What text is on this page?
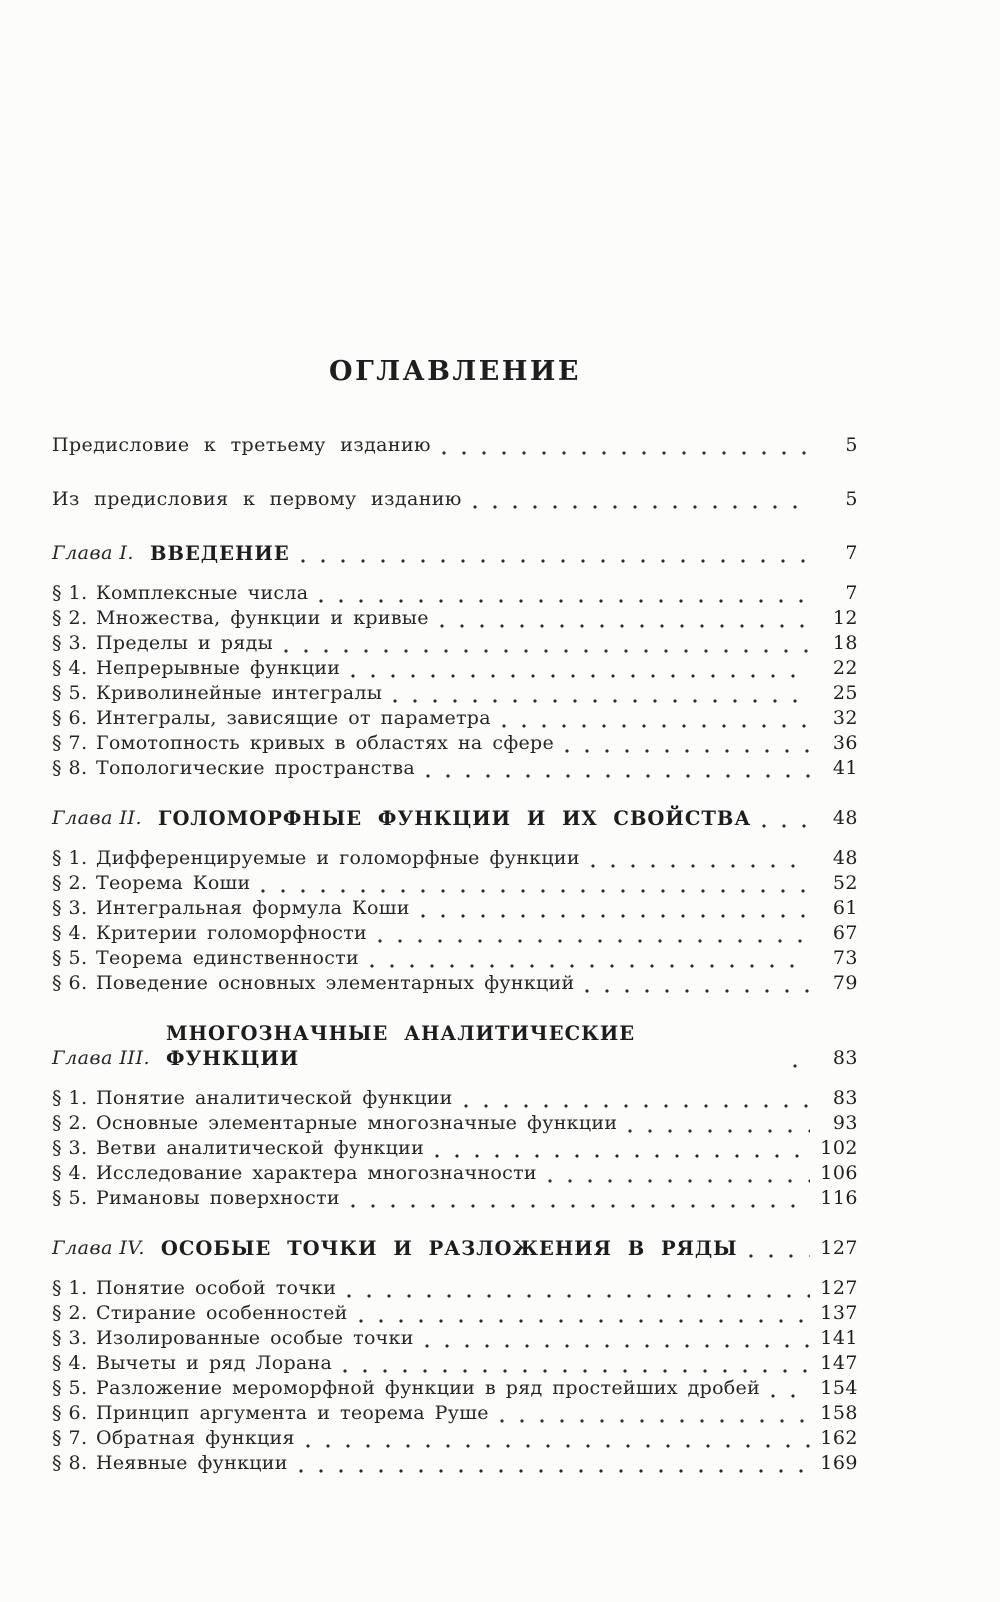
ОГЛАВЛЕНИЕ
Предисловие к третьему изданию	5
Из предисловия к первому изданию	5
Глава I. ВВЕДЕНИЕ	7
§ 1. Комплексные числа	7
§ 2. Множества, функции и кривые	12
§ 3. Пределы и ряды	18
§ 4. Непрерывные функции	22
§ 5. Криволинейные интегралы	25
§ 6. Интегралы, зависящие от параметра	32
§ 7. Гомотопность кривых в областях на сфере	36
§ 8. Топологические пространства	41
Глава II. ГОЛОМОРФНЫЕ ФУНКЦИИ И ИХ СВОЙСТВА	48
§ 1. Дифференцируемые и голоморфные функции	48
§ 2. Теорема Коши	52
§ 3. Интегральная формула Коши	61
§ 4. Критерии голоморфности	67
§ 5. Теорема единственности	73
§ 6. Поведение основных элементарных функций	79
Глава III.
МНОГОЗНАЧНЫЕ АНАЛИТИЧЕСКИЕ ФУНКЦИИ	83
§ 1. Понятие аналитической функции	83
§ 2. Основные элементарные многозначные функции	93
§ 3. Ветви аналитической функции	102
§ 4. Исследование характера многозначности	106
§ 5. Римановы поверхности	116
Глава IV. ОСОБЫЕ ТОЧКИ И РАЗЛОЖЕНИЯ В РЯДЫ	127
§ 1. Понятие особой точки	127
§ 2. Стирание особенностей	137
§ 3. Изолированные особые точки	141
§ 4. Вычеты и ряд Лорана	147
§ 5. Разложение мероморфной функции в ряд простейших дробей	154
§ 6. Принцип аргумента и теорема Руше	158
§ 7. Обратная функция	162
§ 8. Неявные функции	169
